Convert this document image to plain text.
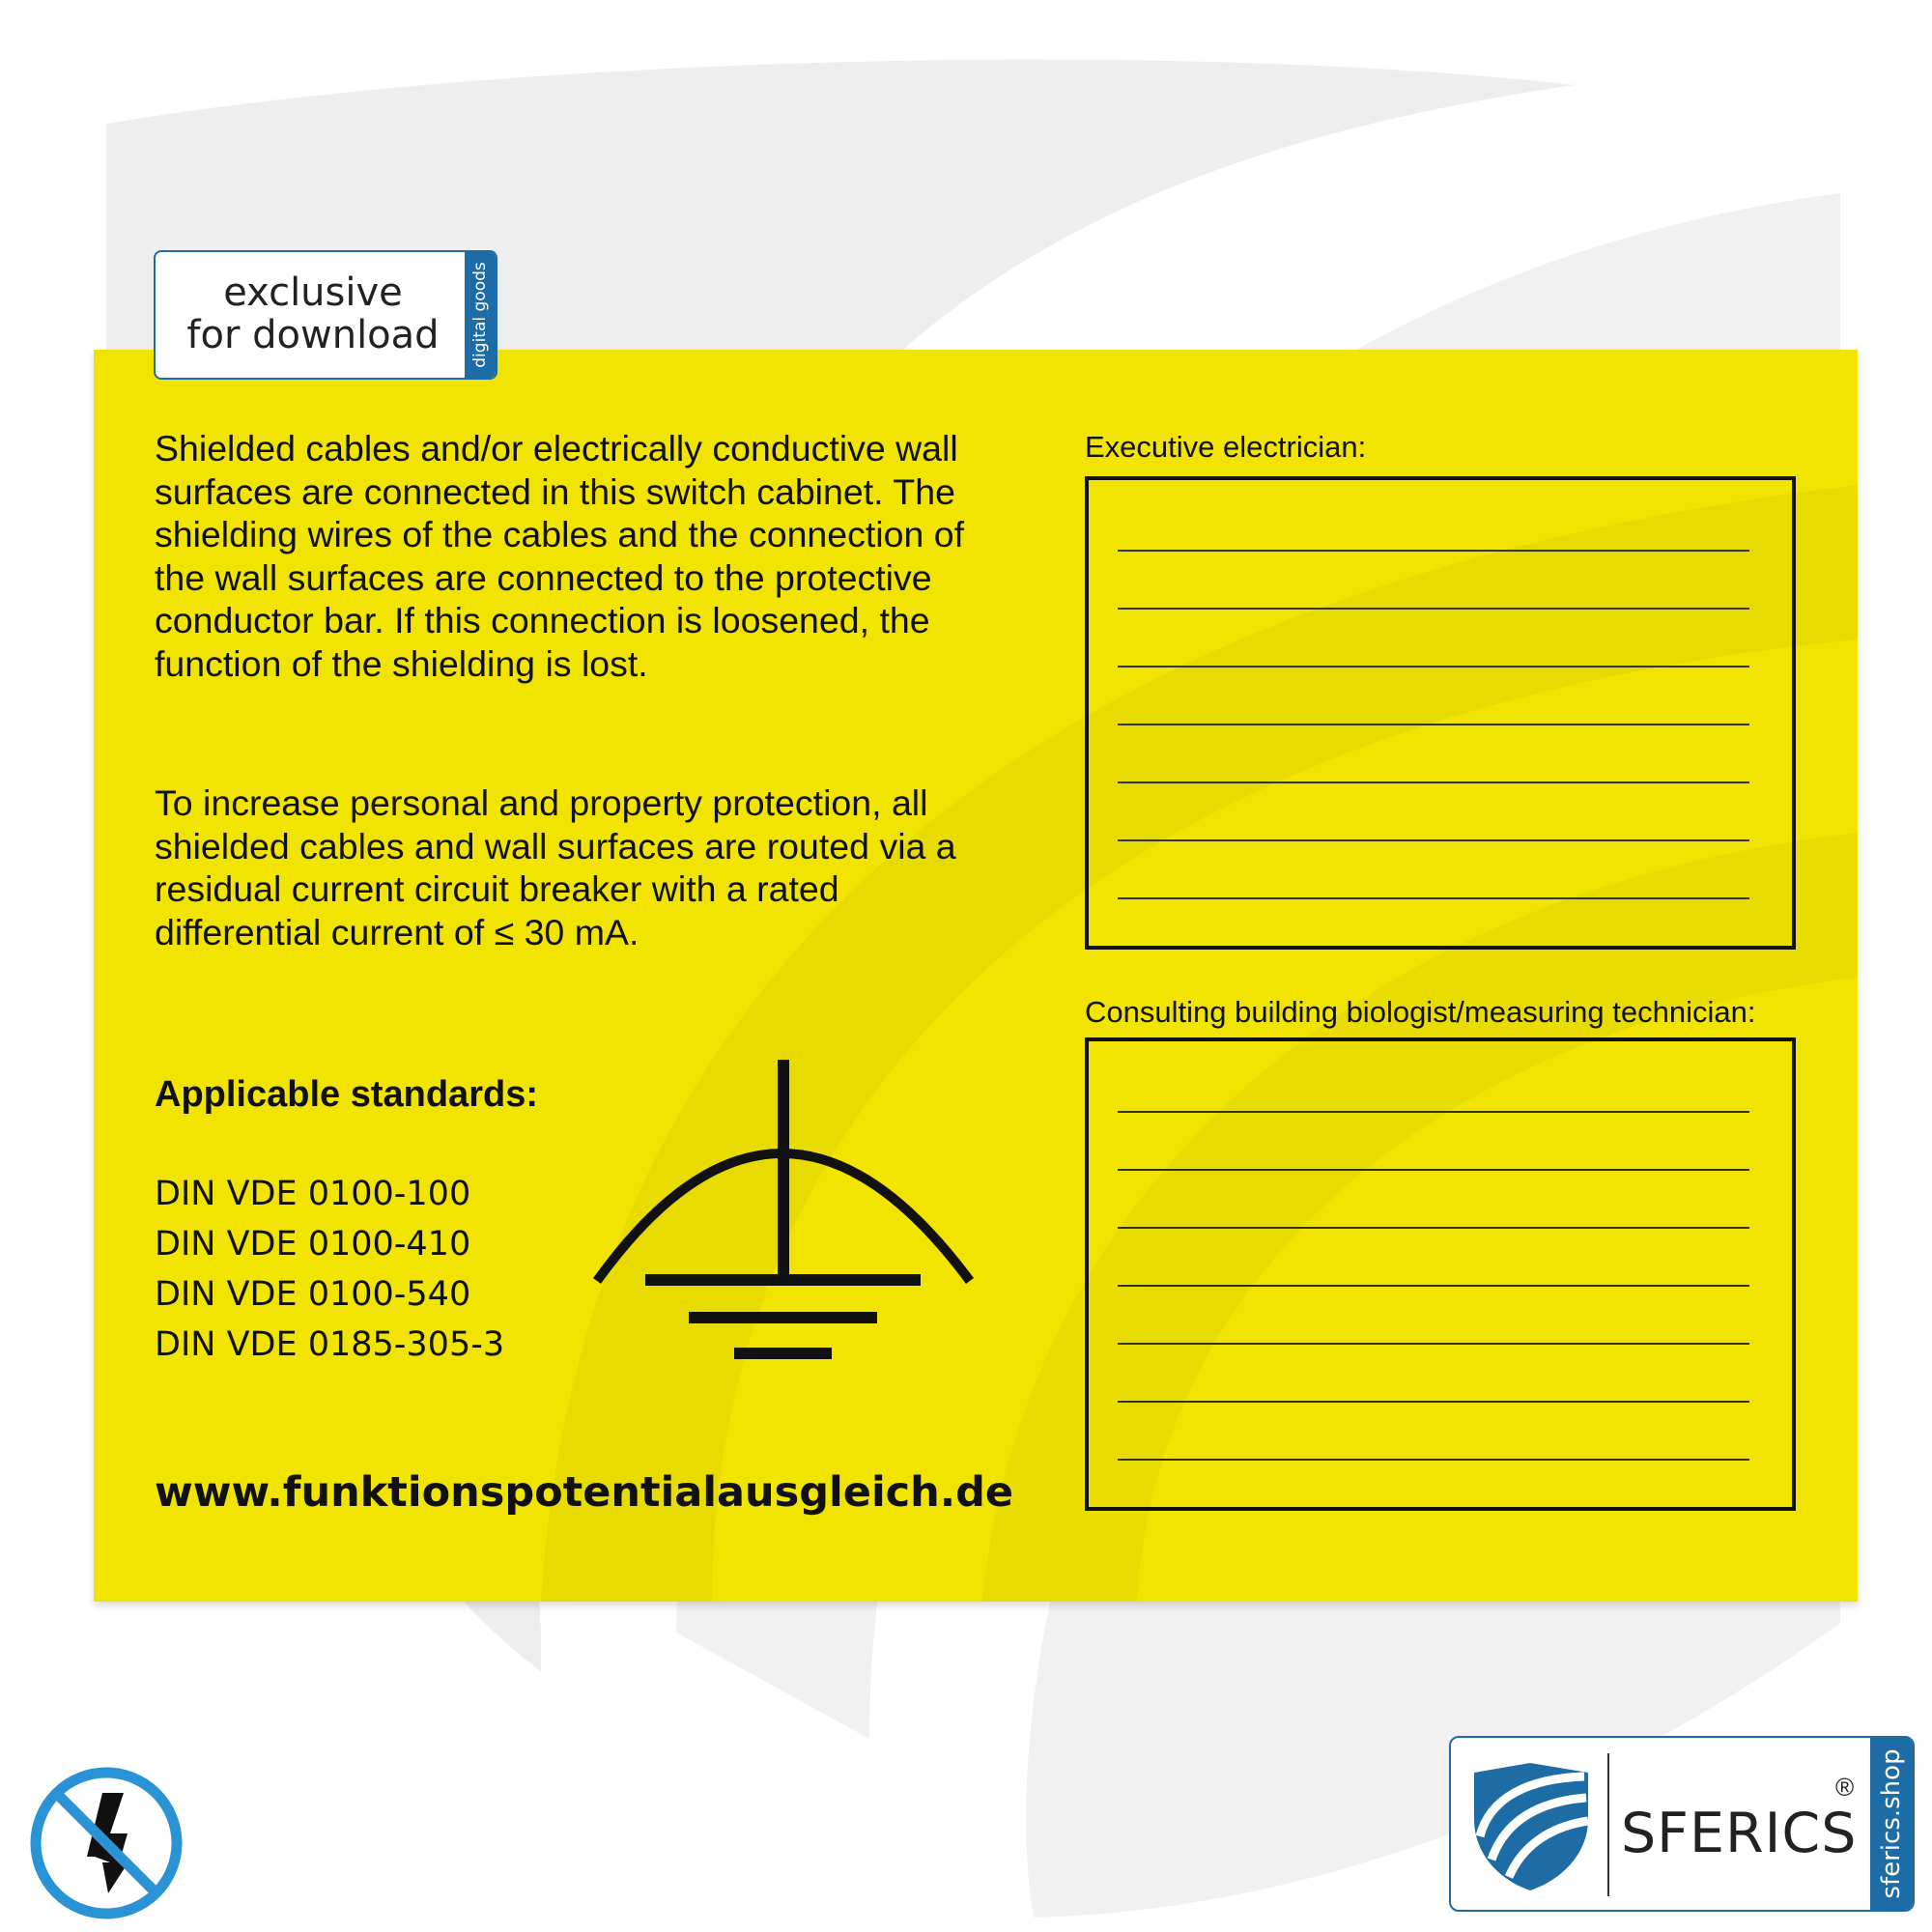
exclusive
for download	digital goods

Shielded cables and/or electrically conductive wall surfaces are connected in this switch cabinet. The shielding wires of the cables and the connection of the wall surfaces are connected to the protective conductor bar. If this connection is loosened, the function of the shielding is lost.

To increase personal and property protection, all shielded cables and wall surfaces are routed via a residual current circuit breaker with a rated differential current of ≤ 30 mA.

Applicable standards:
DIN VDE 0100-100
DIN VDE 0100-410
DIN VDE 0100-540
DIN VDE 0185-305-3
www.funktionspotentialausgleich.de
Executive electrician:
Consulting building biologist/measuring technician:
SFERICS
® sferics.shop
